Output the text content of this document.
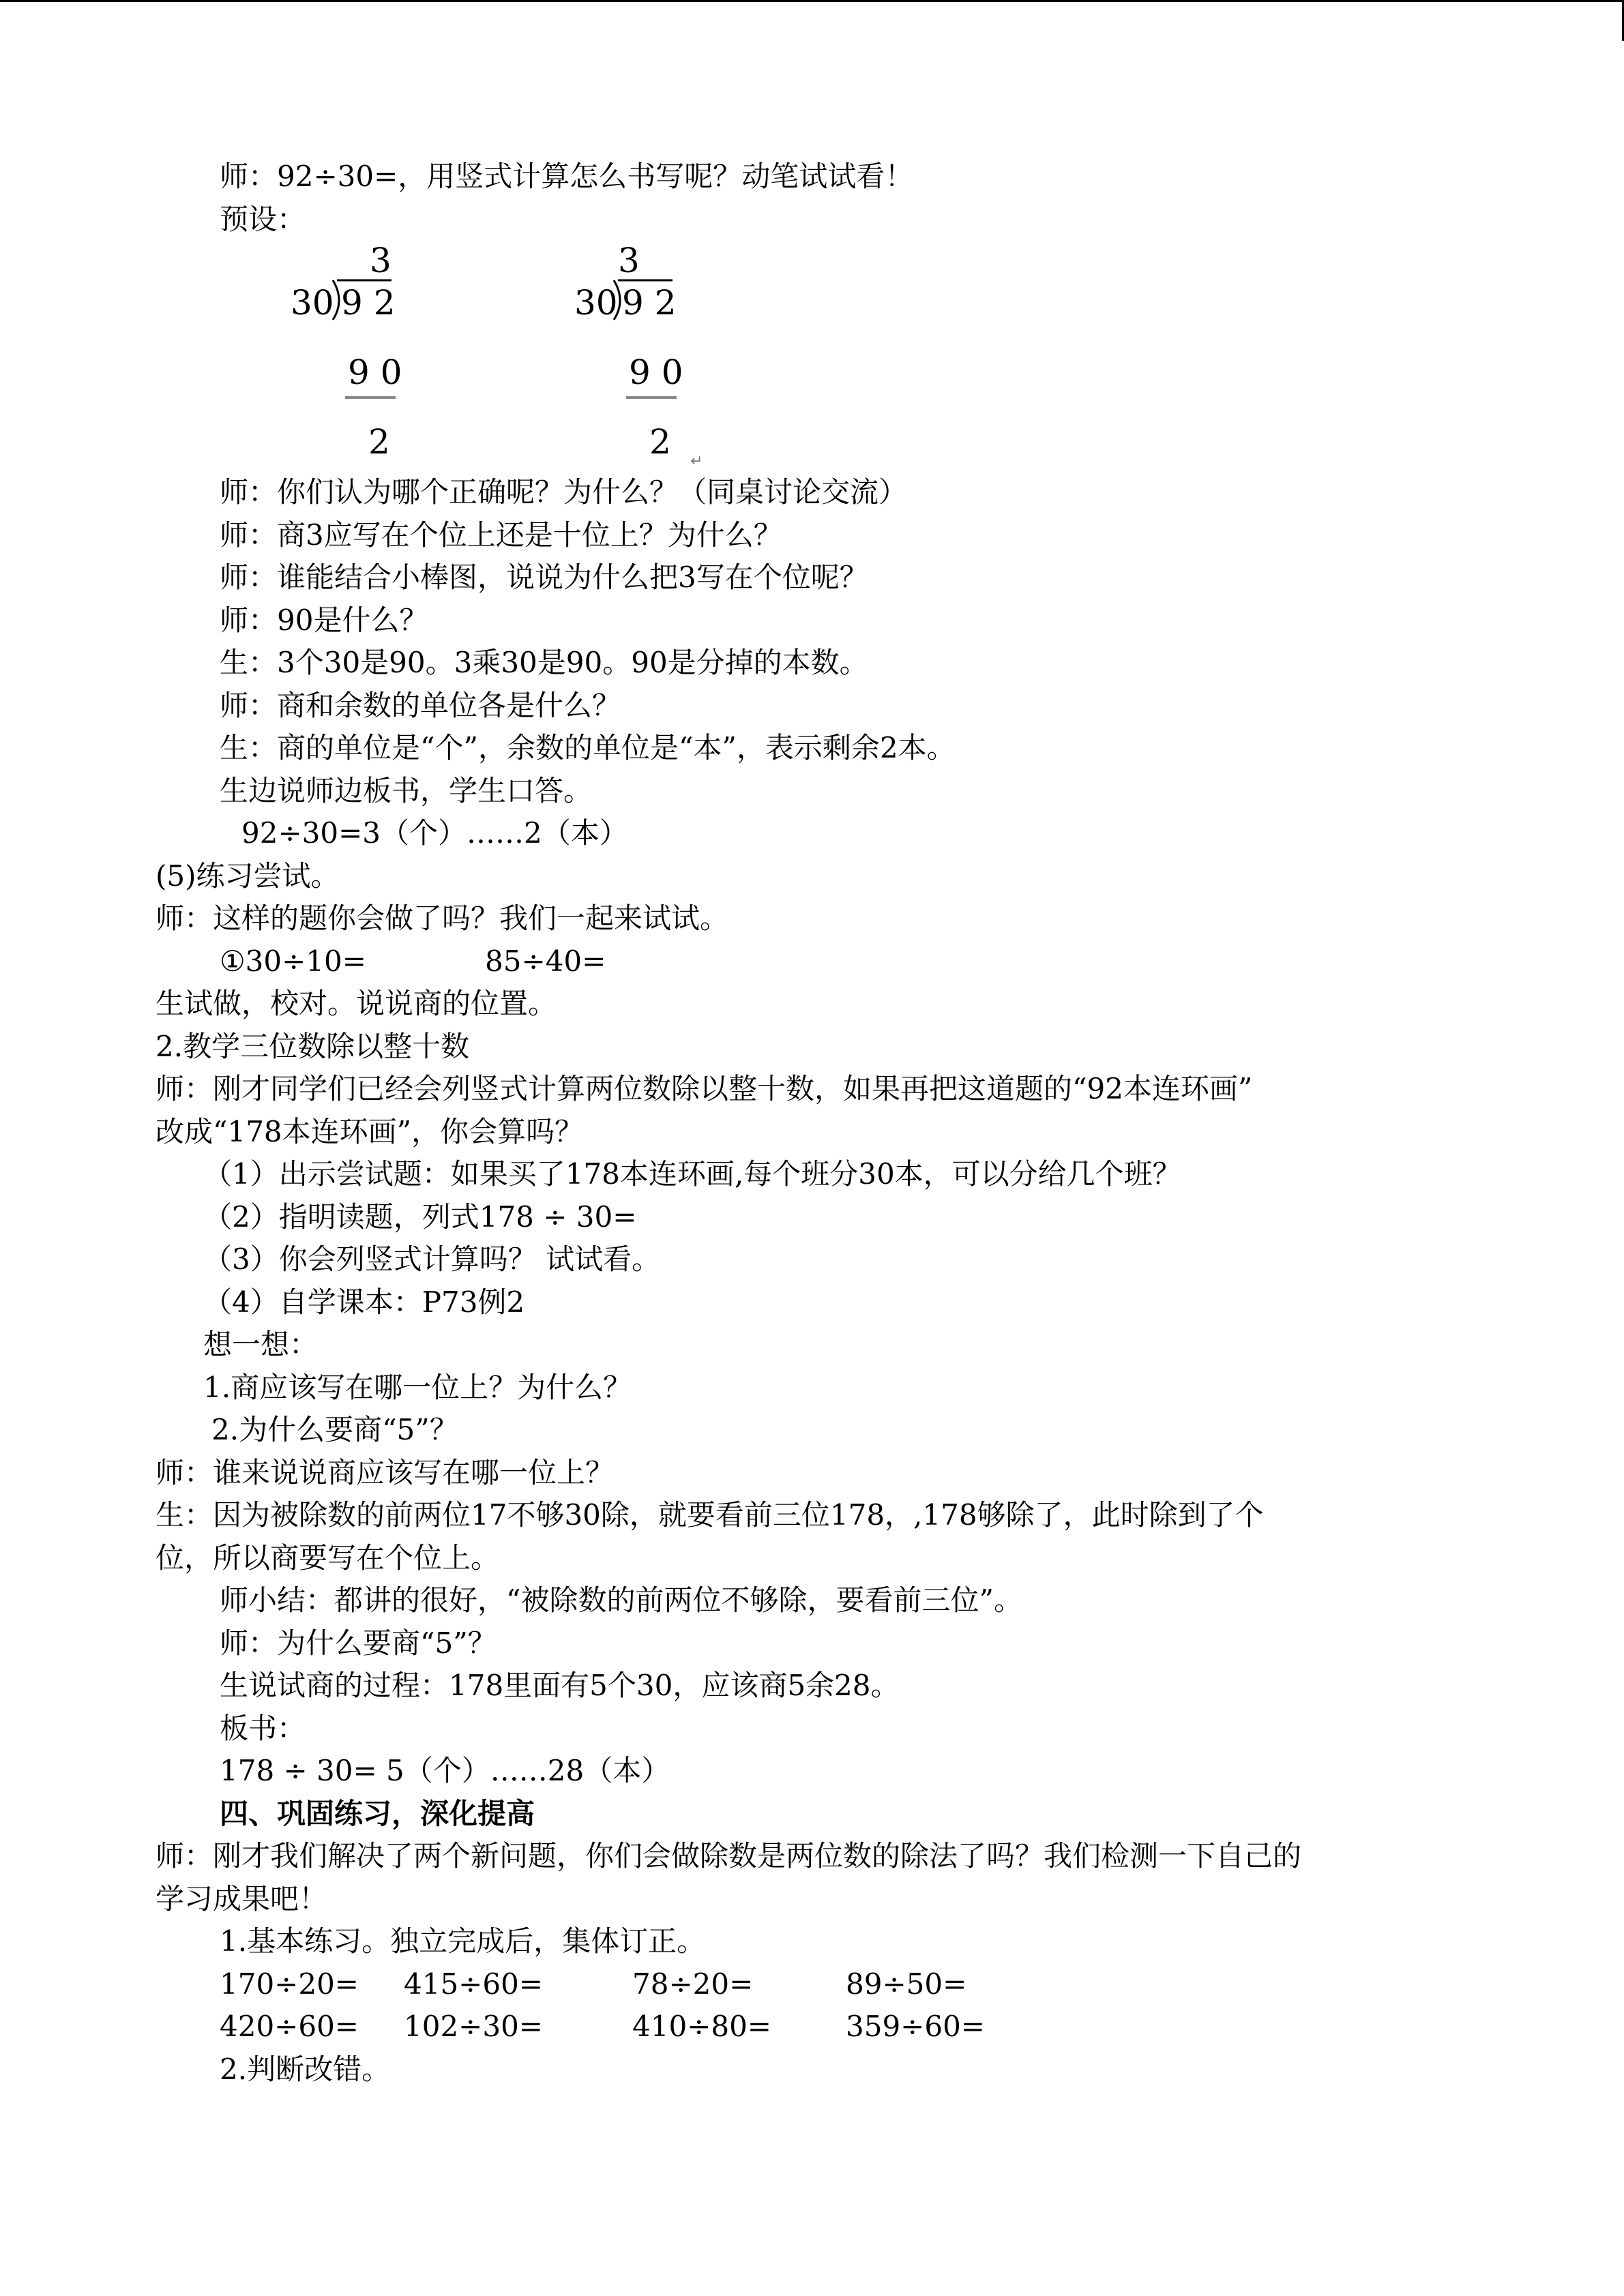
师：92÷30=，用竖式计算怎么书写呢？动笔试试看！

预设：

3
30 9 2
9 0
2
3
30 9 2
9 0
2 ↵

师：你们认为哪个正确呢？为什么？（同桌讨论交流）

师：商3应写在个位上还是十位上？为什么？

师：谁能结合小棒图，说说为什么把3写在个位呢？

师：90是什么？

生：3个30是90。3乘30是90。90是分掉的本数。

师：商和余数的单位各是什么？

生：商的单位是“个”，余数的单位是“本”，表示剩余2本。

生边说师边板书，学生口答。

92÷30=3（个）……2（本）

(5)练习尝试。

师：这样的题你会做了吗？我们一起来试试。

①30÷10=	85÷40=

生试做，校对。说说商的位置。

2.教学三位数除以整十数

师：刚才同学们已经会列竖式计算两位数除以整十数，如果再把这道题的“92本连环画”

改成“178本连环画”，你会算吗？

（1）出示尝试题：如果买了178本连环画,每个班分30本，可以分给几个班？

（2）指明读题，列式178 ÷ 30=

（3）你会列竖式计算吗？ 试试看。

（4）自学课本：P73例2

想一想：

1.商应该写在哪一位上？为什么？

2.为什么要商“5”？

师：谁来说说商应该写在哪一位上？

生：因为被除数的前两位17不够30除，就要看前三位178，,178够除了，此时除到了个

位，所以商要写在个位上。

师小结：都讲的很好，“被除数的前两位不够除，要看前三位”。

师：为什么要商“5”？

生说试商的过程：178里面有5个30，应该商5余28。

板书：

178 ÷ 30= 5（个）……28（本）

四、巩固练习，深化提高

师：刚才我们解决了两个新问题，你们会做除数是两位数的除法了吗？我们检测一下自己的

学习成果吧！

1.基本练习。独立完成后，集体订正。

170÷20=	415÷60=	78÷20=	89÷50=

420÷60=	102÷30=	410÷80=	359÷60=

2.判断改错。
